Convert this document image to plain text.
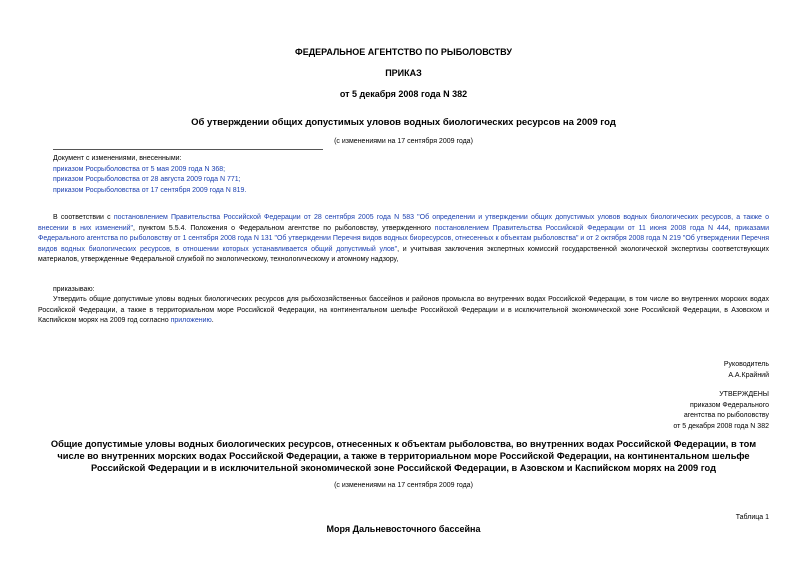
ФЕДЕРАЛЬНОЕ АГЕНТСТВО ПО РЫБОЛОВСТВУ
ПРИКАЗ
от 5 декабря 2008 года N 382
Об утверждении общих допустимых уловов водных биологических ресурсов на 2009 год
(с изменениями на 17 сентября 2009 года)
Документ с изменениями, внесенными:
приказом Росрыболовства от 5 мая 2009 года N 368;
приказом Росрыболовства от 28 августа 2009 года N 771;
приказом Росрыболовства от 17 сентября 2009 года N 819.
В соответствии с постановлением Правительства Российской Федерации от 28 сентября 2005 года N 583 "Об определении и утверждении общих допустимых уловов водных биологических ресурсов, а также о внесении в них изменений", пунктом 5.5.4. Положения о Федеральном агентстве по рыболовству, утвержденного постановлением Правительства Российской Федерации от 11 июня 2008 года N 444, приказами Федерального агентства по рыболовству от 1 сентября 2008 года N 131 "Об утверждении Перечня видов водных биоресурсов, отнесенных к объектам рыболовства" и от 2 октября 2008 года N 219 "Об утверждении Перечня видов водных биологических ресурсов, в отношении которых устанавливается общий допустимый улов", и учитывая заключения экспертных комиссий государственной экологической экспертизы соответствующих материалов, утвержденные Федеральной службой по экологическому, технологическому и атомному надзору,
приказываю:
Утвердить общие допустимые уловы водных биологических ресурсов для рыбохозяйственных бассейнов и районов промысла во внутренних водах Российской Федерации, в том числе во внутренних морских водах Российской Федерации, а также в территориальном море Российской Федерации, на континентальном шельфе Российской Федерации и в исключительной экономической зоне Российской Федерации, в Азовском и Каспийском морях на 2009 год согласно приложению.
Руководитель
А.А.Крайний
УТВЕРЖДЕНЫ
приказом Федерального
агентства по рыболовству
от 5 декабря 2008 года N 382
Общие допустимые уловы водных биологических ресурсов, отнесенных к объектам рыболовства, во внутренних водах Российской Федерации, в том числе во внутренних морских водах Российской Федерации, а также в территориальном море Российской Федерации, на континентальном шельфе Российской Федерации и в исключительной экономической зоне Российской Федерации, в Азовском и Каспийском морях на 2009 год
(с изменениями на 17 сентября 2009 года)
Таблица 1
Моря Дальневосточного бассейна
